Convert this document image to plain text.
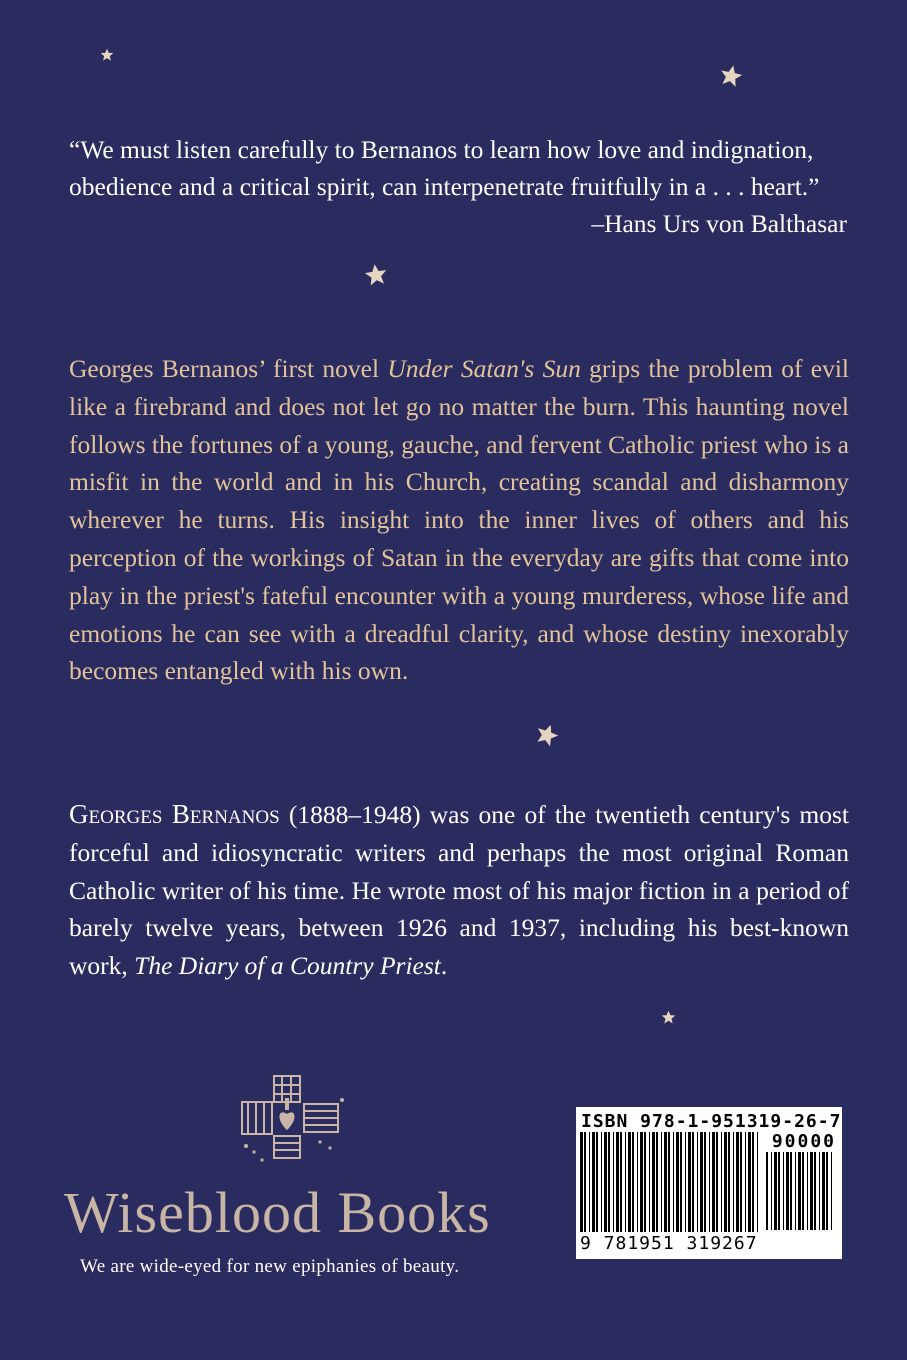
“We must listen carefully to Bernanos to learn how love and indignation,

obedience and a critical spirit, can interpenetrate fruitfully in a . . . heart.”

–Hans Urs von Balthasar

Georges Bernanos’ first novel Under Satan's Sun grips the problem of evil like a firebrand and does not let go no matter the burn. This haunting novel follows the fortunes of a young, gauche, and fervent Catholic priest who is a misfit in the world and in his Church, creating scandal and disharmony wherever he turns. His insight into the inner lives of others and his perception of the workings of Satan in the everyday are gifts that come into play in the priest's fateful encounter with a young murderess, whose life and emotions he can see with a dreadful clarity, and whose destiny inexorably becomes entangled with his own.

Georges Bernanos (1888–1948) was one of the twentieth century's most forceful and idiosyncratic writers and perhaps the most original Roman Catholic writer of his time. He wrote most of his major fiction in a period of barely twelve years, between 1926 and 1937, including his best-known work, The Diary of a Country Priest.

Wiseblood Books
We are wide-eyed for new epiphanies of beauty.
ISBN 978-1-951319-26-7
90000
9 781951 319267
